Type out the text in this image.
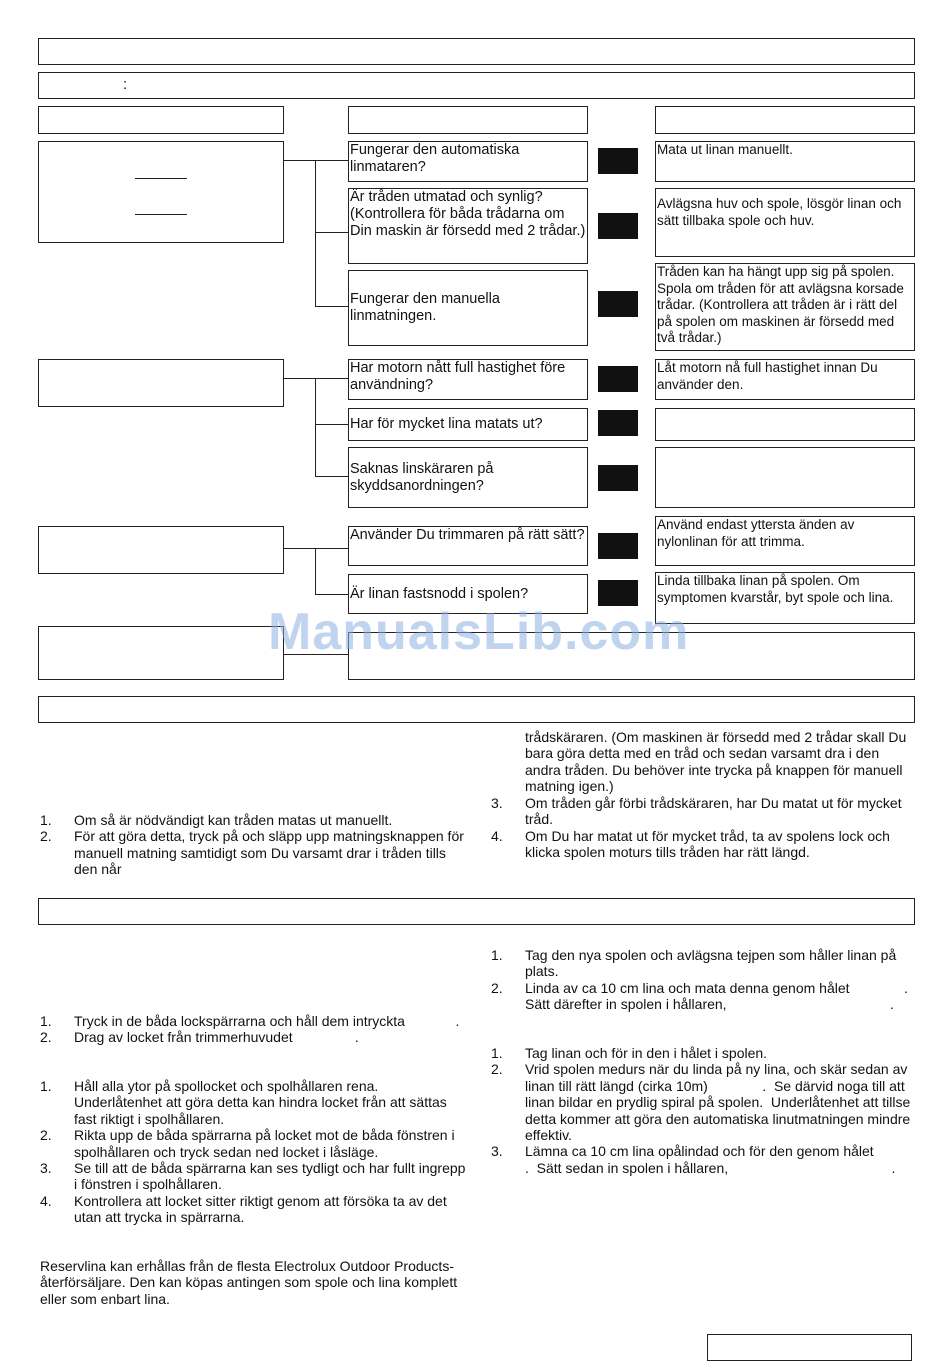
:
Fungerar den automatiska linmataren?
Är tråden utmatad och synlig? (Kontrollera för båda trådarna om Din maskin är försedd med 2 trådar.)
Fungerar den manuella linmatningen.
Har motorn nått full hastighet före användning?
Har för mycket lina matats ut?
Saknas linskäraren på skyddsanordningen?
Använder Du trimmaren på rätt sätt?
Är linan fastsnodd i spolen?
Mata ut linan manuellt.
Avlägsna huv och spole, lösgör linan och sätt tillbaka spole och huv.
Tråden kan ha hängt upp sig på spolen. Spola om tråden för att avlägsna korsade trådar. (Kontrollera att tråden är i rätt del på spolen om maskinen är försedd med två trådar.)
Låt motorn nå full hastighet innan Du använder den.
Använd endast yttersta änden av nylonlinan för att trimma.
Linda tillbaka linan på spolen. Om symptomen kvarstår, byt spole och lina.
ManualsLib.com
1. Om så är nödvändigt kan tråden matas ut manuellt.
2. För att göra detta, tryck på och släpp upp matningsknappen för manuell matning samtidigt som Du varsamt drar i tråden tills den når
trådskäraren. (Om maskinen är försedd med 2 trådar skall Du bara göra detta med en tråd och sedan varsamt dra i den andra tråden. Du behöver inte trycka på knappen för manuell matning igen.)
3. Om tråden går förbi trådskäraren, har Du matat ut för mycket tråd.
4. Om Du har matat ut för mycket tråd, ta av spolens lock och klicka spolen moturs tills tråden har rätt längd.
1. Tryck in de båda lockspärrarna och håll dem intryckta             .
2. Drag av locket från trimmerhuvudet                .
1. Håll alla ytor på spollocket och spolhållaren rena. Underlåtenhet att göra detta kan hindra locket från att sättas fast riktigt i spolhållaren.
2. Rikta upp de båda spärrarna på locket mot de båda fönstren i spolhållaren och tryck sedan ned locket i låsläge.
3. Se till att de båda spärrarna kan ses tydligt och har fullt ingrepp i fönstren i spolhållaren.
4. Kontrollera att locket sitter riktigt genom att försöka ta av det utan att trycka in spärrarna.
Reservlina kan erhållas från de flesta Electrolux Outdoor Products-återförsäljare. Den kan köpas antingen som spole och lina komplett eller som enbart lina.
1. Tag den nya spolen och avlägsna tejpen som håller linan på plats.
2. Linda av ca 10 cm lina och mata denna genom hålet              .  Sätt därefter in spolen i hållaren,                                          .
1. Tag linan och för in den i hålet i spolen.
2. Vrid spolen medurs när du linda på ny lina, och skär sedan av linan till rätt längd (cirka 10m)              .  Se därvid noga till att linan bildar en prydlig spiral på spolen.  Underlåtenhet att tillse detta kommer att göra den automatiska linutmatningen mindre effektiv.
3. Lämna ca 10 cm lina opålindad och för den genom hålet              .  Sätt sedan in spolen i hållaren,                                          .
